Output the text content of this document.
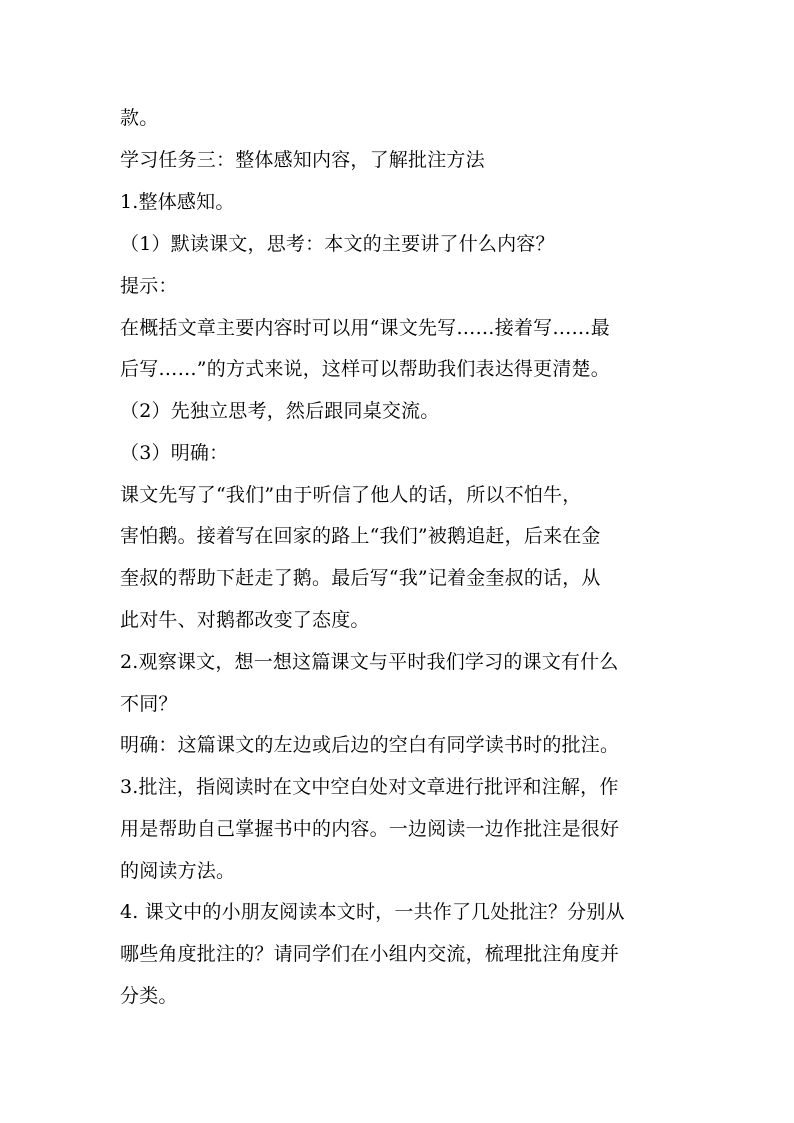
款。

学习任务三：整体感知内容，了解批注方法

1.整体感知。

（1）默读课文，思考：本文的主要讲了什么内容？

提示：

在概括文章主要内容时可以用“课文先写……接着写……最

后写……”的方式来说，这样可以帮助我们表达得更清楚。

（2）先独立思考，然后跟同桌交流。

（3）明确：

课文先写了“我们”由于听信了他人的话，所以不怕牛，

害怕鹅。接着写在回家的路上“我们”被鹅追赶，后来在金

奎叔的帮助下赶走了鹅。最后写“我”记着金奎叔的话，从

此对牛、对鹅都改变了态度。

2.观察课文，想一想这篇课文与平时我们学习的课文有什么

不同？

明确：这篇课文的左边或后边的空白有同学读书时的批注。

3.批注，指阅读时在文中空白处对文章进行批评和注解，作

用是帮助自己掌握书中的内容。一边阅读一边作批注是很好

的阅读方法。

4. 课文中的小朋友阅读本文时，一共作了几处批注？分别从

哪些角度批注的？请同学们在小组内交流，梳理批注角度并

分类。
